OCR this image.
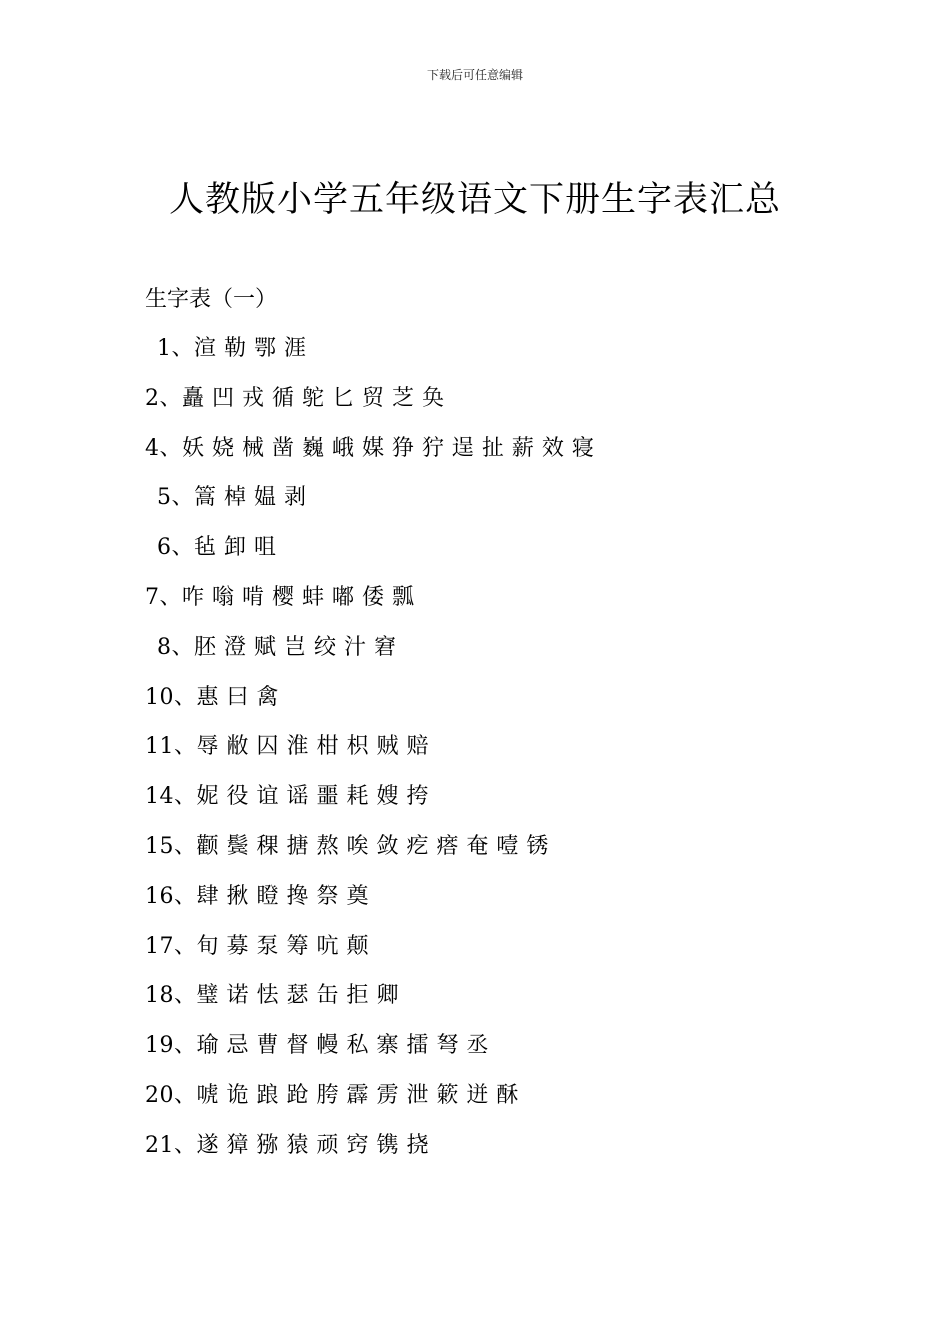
下载后可任意编辑
人教版小学五年级语文下册生字表汇总
生字表（一）
1、渲 勒 鄂 涯
2、矗 凹 戎 循 鸵 匕 贸 芝 奂
4、妖 娆 械 凿 巍 峨 媒 狰 狞 逞 扯 薪 效 寝
5、篙 棹 媪 剥
6、毡 卸 咀
7、咋 嗡 啃 樱 蚌 嘟 倭 瓢
8、胚 澄 赋 岂 绞 汁 窘
10、惠 曰 禽
11、辱 敝 囚 淮 柑 枳 贼 赔
14、妮 役 谊 谣 噩 耗 嫂 挎
15、颧 鬓 稞 搪 熬 唉 敛 疙 瘩 奄 噎 锈
16、肆 揪 瞪 搀 祭 奠
17、旬 募 泵 筹 吭 颠
18、璧 诺 怯 瑟 缶 拒 卿
19、瑜 忌 曹 督 幔 私 寨 擂 弩 丞
20、唬 诡 踉 跄 胯 霹 雳 泄 簌 迸 酥
21、遂 獐 猕 猿 顽 窍 镌 挠
